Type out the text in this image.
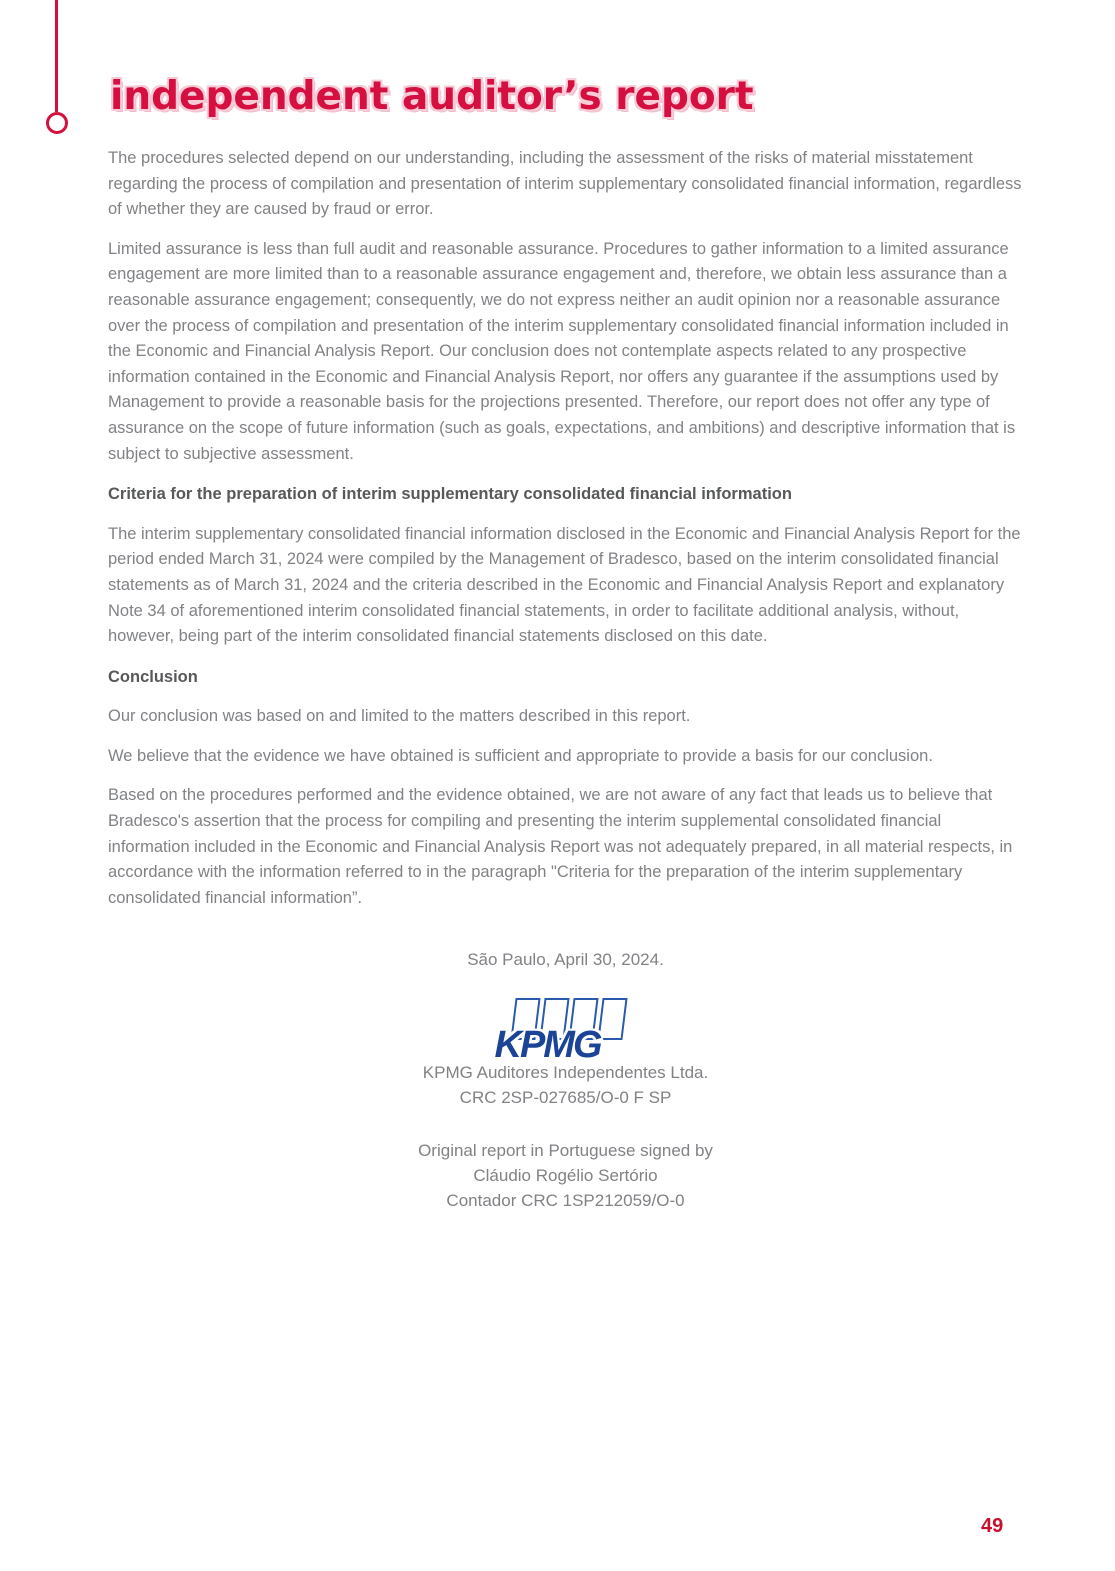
independent auditor’s report

The procedures selected depend on our understanding, including the assessment of the risks of material misstatement regarding the process of compilation and presentation of interim supplementary consolidated financial information, regardless of whether they are caused by fraud or error.

Limited assurance is less than full audit and reasonable assurance. Procedures to gather information to a limited assurance engagement are more limited than to a reasonable assurance engagement and, therefore, we obtain less assurance than a reasonable assurance engagement; consequently, we do not express neither an audit opinion nor a reasonable assurance over the process of compilation and presentation of the interim supplementary consolidated financial information included in the Economic and Financial Analysis Report. Our conclusion does not contemplate aspects related to any prospective information contained in the Economic and Financial Analysis Report, nor offers any guarantee if the assumptions used by Management to provide a reasonable basis for the projections presented. Therefore, our report does not offer any type of assurance on the scope of future information (such as goals, expectations, and ambitions) and descriptive information that is subject to subjective assessment.

Criteria for the preparation of interim supplementary consolidated financial information

The interim supplementary consolidated financial information disclosed in the Economic and Financial Analysis Report for the period ended March 31, 2024 were compiled by the Management of Bradesco, based on the interim consolidated financial statements as of March 31, 2024 and the criteria described in the Economic and Financial Analysis Report and explanatory Note 34 of aforementioned interim consolidated financial statements, in order to facilitate additional analysis, without, however, being part of the interim consolidated financial statements disclosed on this date.

Conclusion

Our conclusion was based on and limited to the matters described in this report.

We believe that the evidence we have obtained is sufficient and appropriate to provide a basis for our conclusion.

Based on the procedures performed and the evidence obtained, we are not aware of any fact that leads us to believe that Bradesco's assertion that the process for compiling and presenting the interim supplemental consolidated financial information included in the Economic and Financial Analysis Report was not adequately prepared, in all material respects, in accordance with the information referred to in the paragraph "Criteria for the preparation of the interim supplementary consolidated financial information”.

São Paulo, April 30, 2024.
KPMG
KPMG Auditores Independentes Ltda.
CRC 2SP-027685/O-0 F SP
Original report in Portuguese signed by
Cláudio Rogélio Sertório
Contador CRC 1SP212059/O-0
49
